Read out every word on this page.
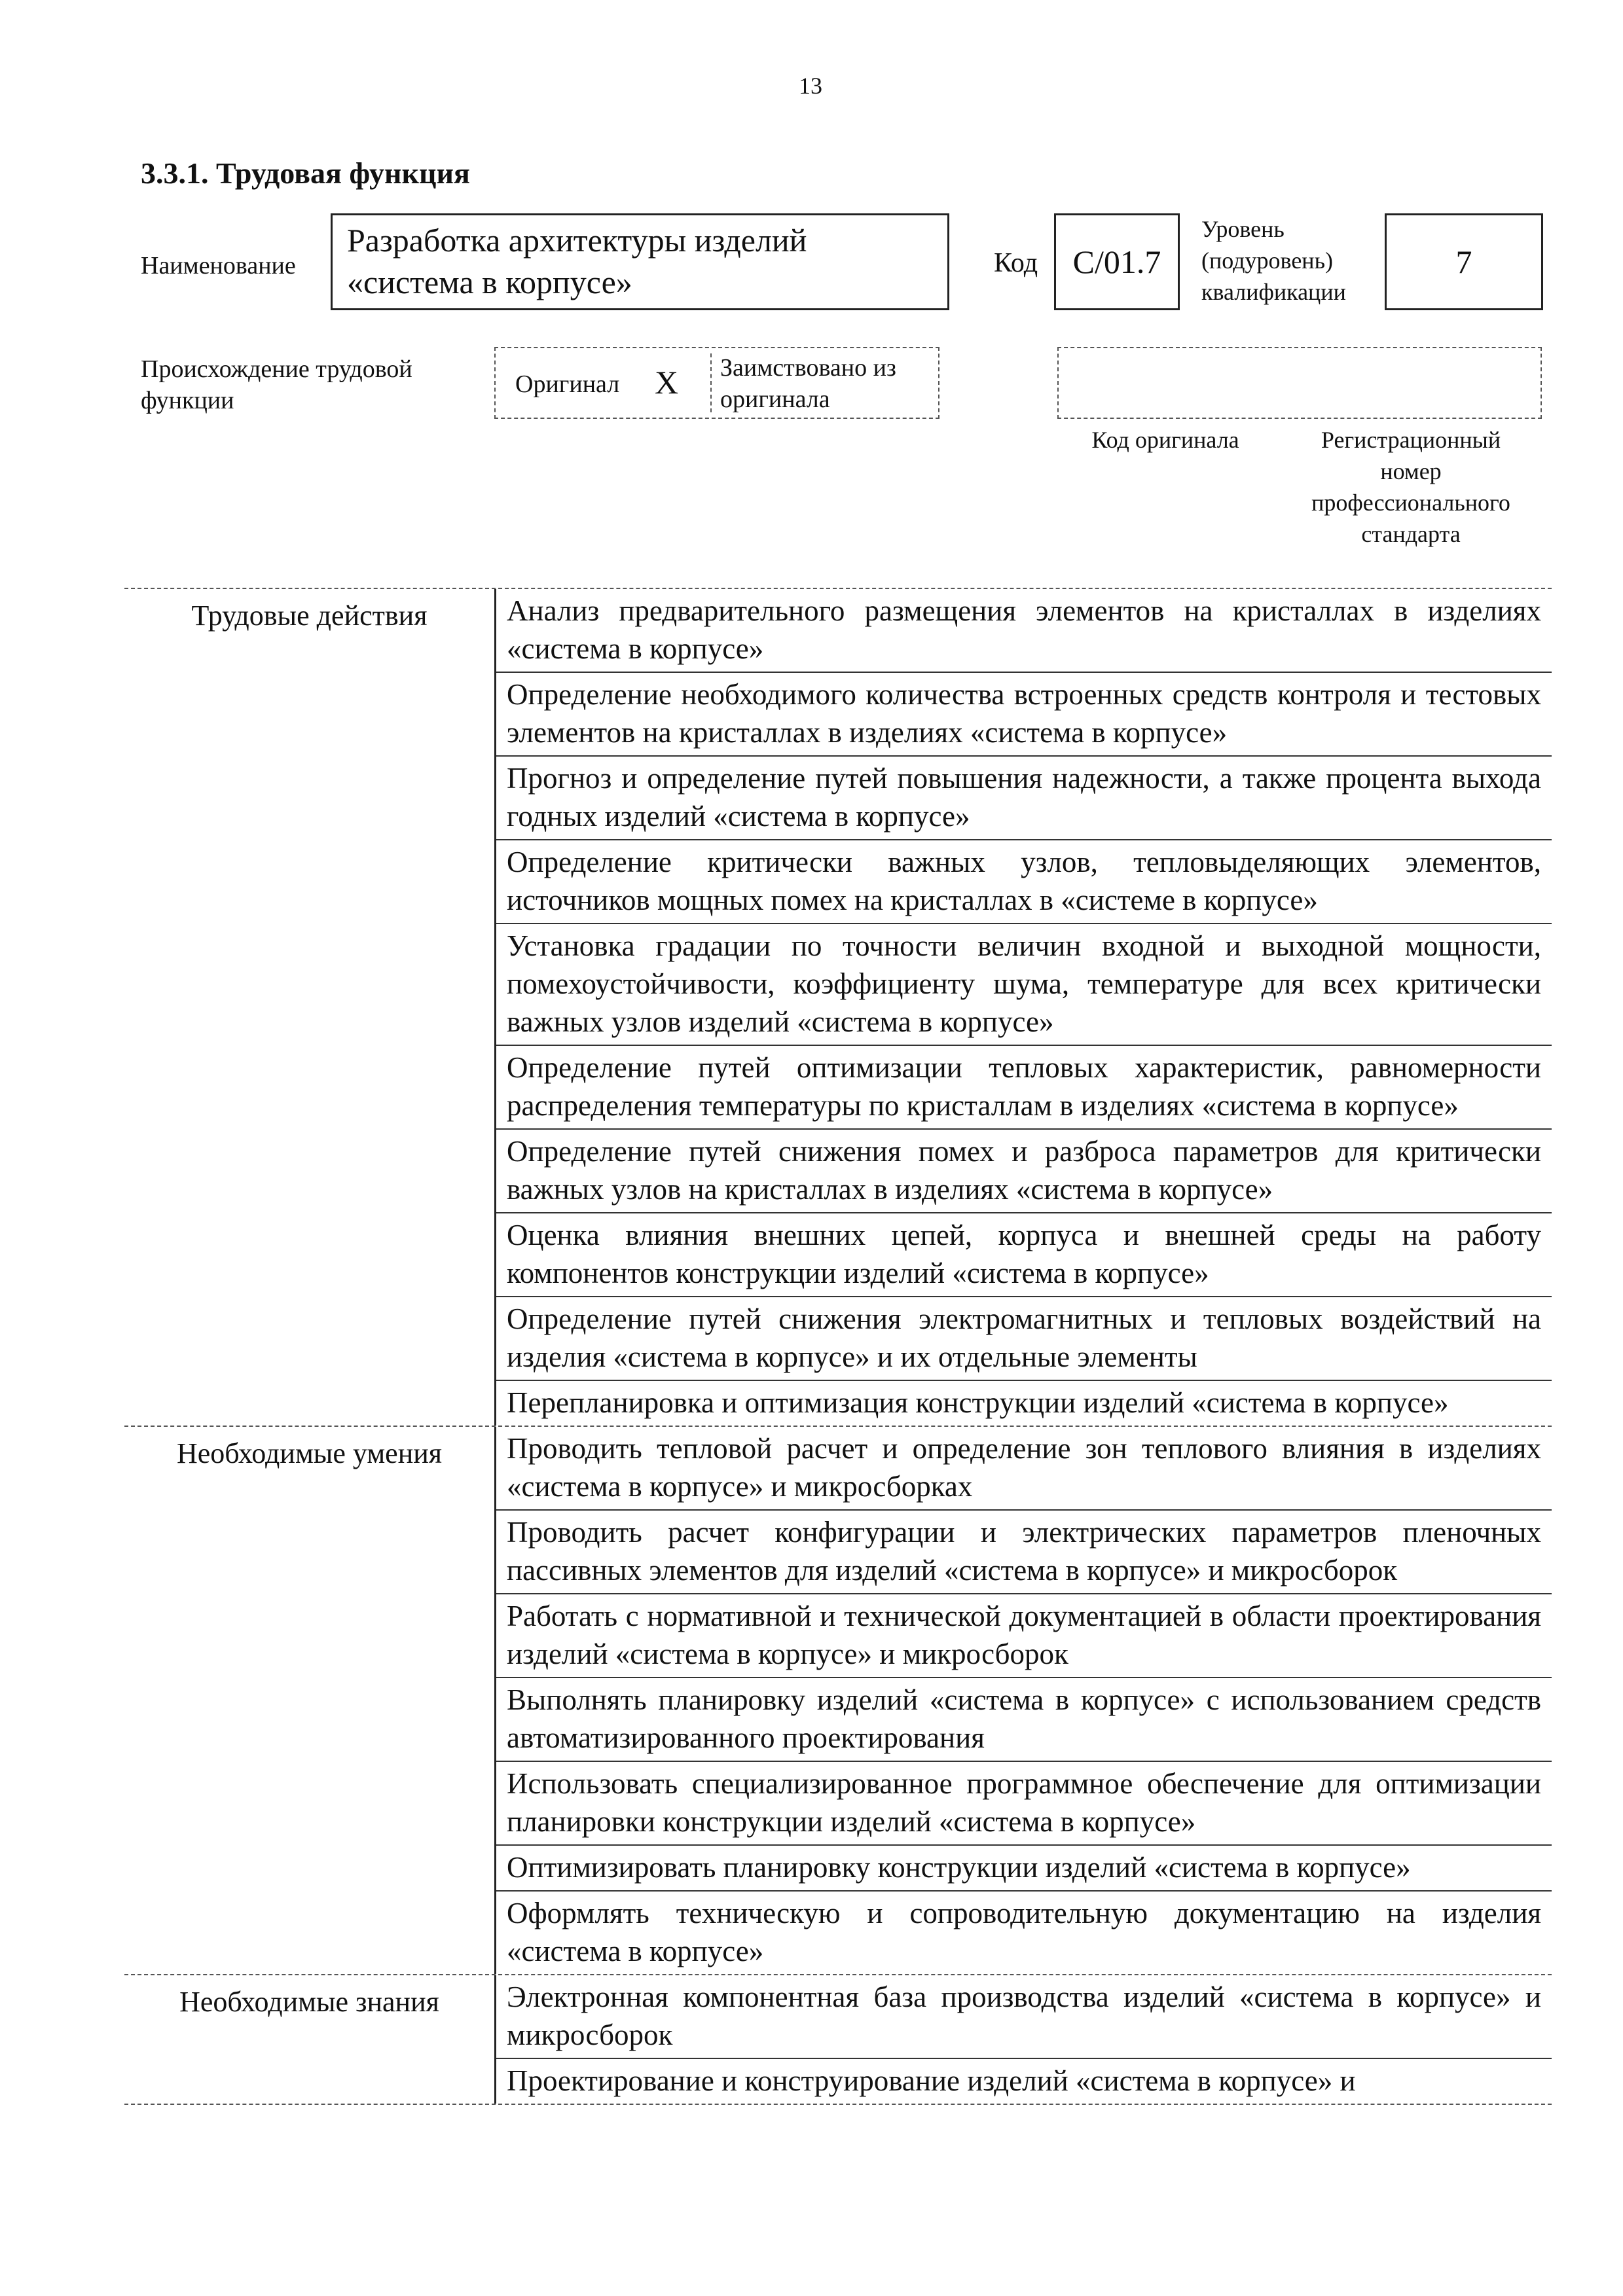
13
3.3.1. Трудовая функция
Наименование
Разработка архитектуры изделий «система в корпусе»
Код С/01.7
Уровень (подуровень) квалификации
7
Происхождение трудовой функции
Оригинал X Заимствовано из оригинала
Код оригинала	Регистрационный номер профессионального стандарта
Трудовые действия	Анализ предварительного размещения элементов на кристаллах в изделиях «система в корпусе»
Определение необходимого количества встроенных средств контроля и тестовых элементов на кристаллах в изделиях «система в корпусе»
Прогноз и определение путей повышения надежности, а также процента выхода годных изделий «система в корпусе»
Определение критически важных узлов, тепловыделяющих элементов, источников мощных помех на кристаллах в «системе в корпусе»
Установка градации по точности величин входной и выходной мощности, помехоустойчивости, коэффициенту шума, температуре для всех критически важных узлов изделий «система в корпусе»
Определение путей оптимизации тепловых характеристик, равномерности распределения температуры по кристаллам в изделиях «система в корпусе»
Определение путей снижения помех и разброса параметров для критически важных узлов на кристаллах в изделиях «система в корпусе»
Оценка влияния внешних цепей, корпуса и внешней среды на работу компонентов конструкции изделий «система в корпусе»
Определение путей снижения электромагнитных и тепловых воздействий на изделия «система в корпусе» и их отдельные элементы
Перепланировка и оптимизация конструкции изделий «система в корпусе»
Необходимые умения	Проводить тепловой расчет и определение зон теплового влияния в изделиях «система в корпусе» и микросборках
Проводить расчет конфигурации и электрических параметров пленочных пассивных элементов для изделий «система в корпусе» и микросборок
Работать с нормативной и технической документацией в области проектирования изделий «система в корпусе» и микросборок
Выполнять планировку изделий «система в корпусе» с использованием средств автоматизированного проектирования
Использовать специализированное программное обеспечение для оптимизации планировки конструкции изделий «система в корпусе»
Оптимизировать планировку конструкции изделий «система в корпусе»
Оформлять техническую и сопроводительную документацию на изделия «система в корпусе»
Необходимые знания	Электронная компонентная база производства изделий «система в корпусе» и микросборок
Проектирование и конструирование изделий «система в корпусе» и
